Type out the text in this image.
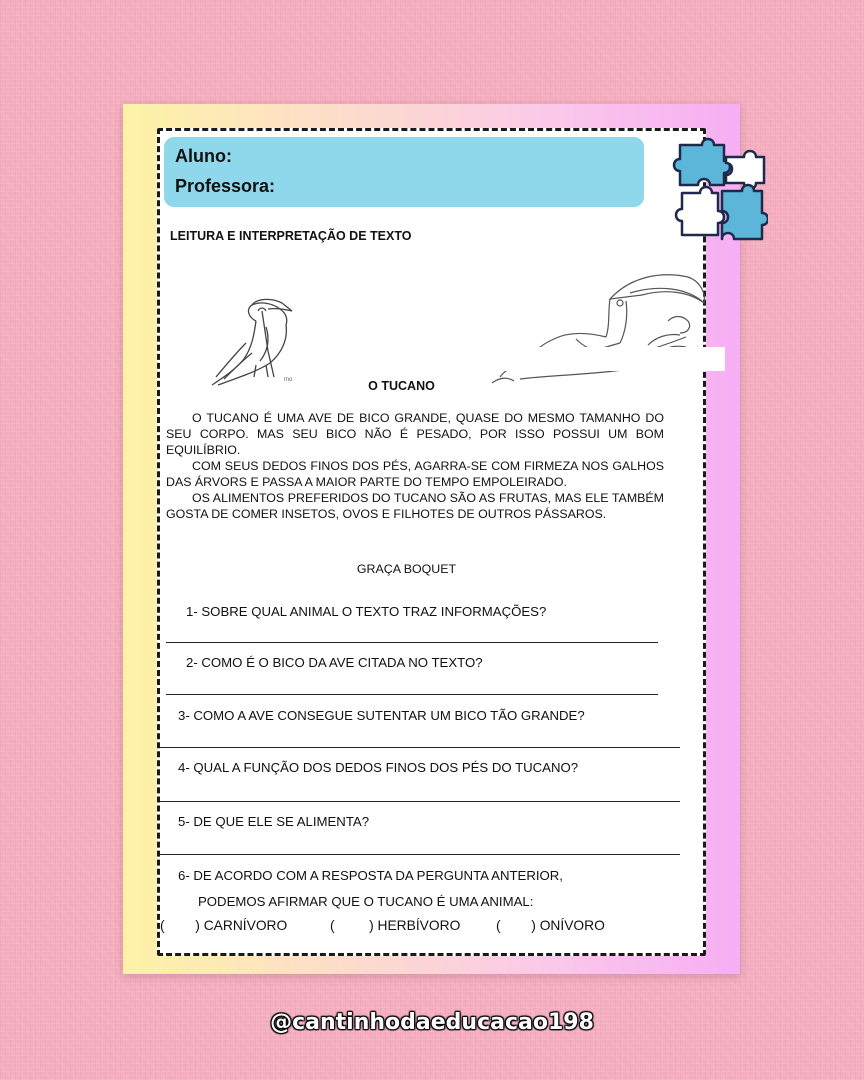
Aluno:
Professora:
LEITURA E INTERPRETAÇÃO DE TEXTO
mo	O TUCANO

O TUCANO É UMA AVE DE BICO GRANDE, QUASE DO MESMO TAMANHO DO SEU CORPO. MAS SEU BICO NÃO É PESADO, POR ISSO POSSUI UM BOM EQUILÍBRIO.

COM SEUS DEDOS FINOS DOS PÉS, AGARRA-SE COM FIRMEZA NOS GALHOS DAS ÁRVORS E PASSA A MAIOR PARTE DO TEMPO EMPOLEIRADO.

OS ALIMENTOS PREFERIDOS DO TUCANO SÃO AS FRUTAS, MAS ELE TAMBÉM GOSTA DE COMER INSETOS, OVOS E FILHOTES DE OUTROS PÁSSAROS.

GRAÇA BOQUET
1- SOBRE QUAL ANIMAL O TEXTO TRAZ INFORMAÇÕES?
2- COMO É O BICO DA AVE CITADA NO TEXTO?
3- COMO A AVE CONSEGUE SUTENTAR UM BICO TÃO GRANDE?
4- QUAL A FUNÇÃO DOS DEDOS FINOS DOS PÉS DO TUCANO?
5- DE QUE ELE SE ALIMENTA?
6- DE ACORDO COM A RESPOSTA DA PERGUNTA ANTERIOR,
PODEMOS AFIRMAR QUE O TUCANO É UMA ANIMAL:

(        ) CARNÍVORO

	(         ) HERBÍVORO

	(        ) ONÍVORO

@cantinhodaeducacao198
